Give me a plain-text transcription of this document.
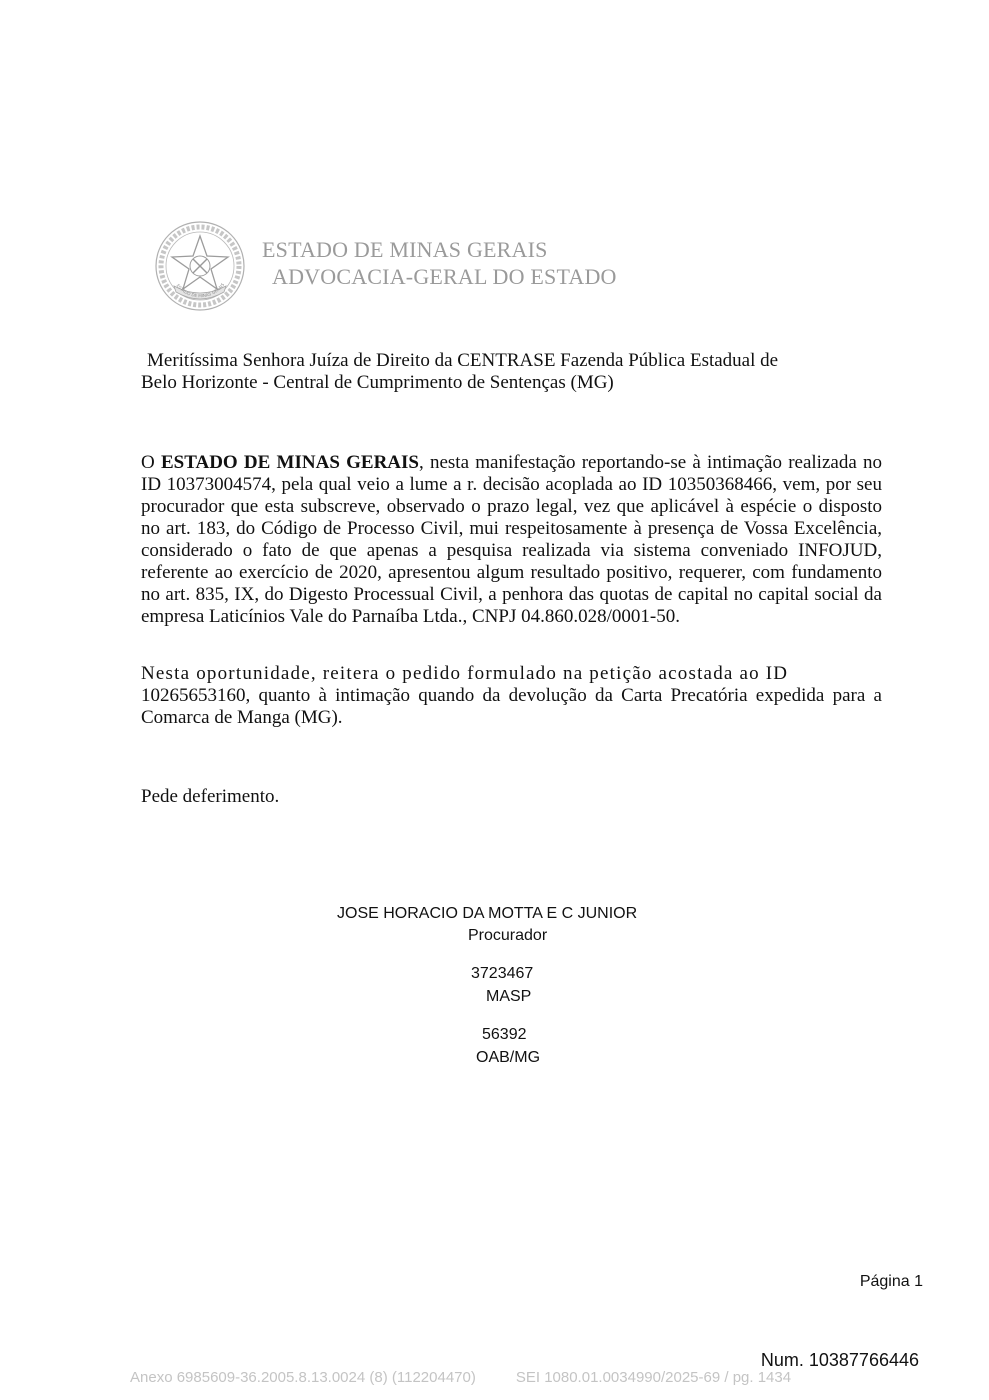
ESTADO DE MINAS GERAIS
ESTADO DE MINAS GERAIS
ADVOCACIA-GERAL DO ESTADO
Meritíssima Senhora Juíza de Direito da CENTRASE Fazenda Pública Estadual de
Belo Horizonte - Central de Cumprimento de Sentenças (MG)
O ESTADO DE MINAS GERAIS, nesta manifestação reportando-se à intimação realizada no ID 10373004574, pela qual veio a lume a r. decisão acoplada ao ID 10350368466, vem, por seu procurador que esta subscreve, observado o prazo legal, vez que aplicável à espécie o disposto no art. 183, do Código de Processo Civil, mui respeitosamente à presença de Vossa Excelência, considerado o fato de que apenas a pesquisa realizada via sistema conveniado INFOJUD, referente ao exercício de 2020, apresentou algum resultado positivo, requerer, com fundamento no art. 835, IX, do Digesto Processual Civil, a penhora das quotas de capital no capital social da empresa Laticínios Vale do Parnaíba Ltda., CNPJ 04.860.028/0001-50.
Nesta oportunidade, reitera o pedido formulado na petição acostada ao ID
10265653160, quanto à intimação quando da devolução da Carta Precatória expedida para a Comarca de Manga (MG).
Pede deferimento.
JOSE HORACIO DA MOTTA E C JUNIOR
Procurador
3723467
MASP
56392
OAB/MG
Página 1
Num. 10387766446
Anexo 6985609-36.2005.8.13.0024 (8) (112204470)	SEI 1080.01.0034990/2025-69 / pg. 1434
